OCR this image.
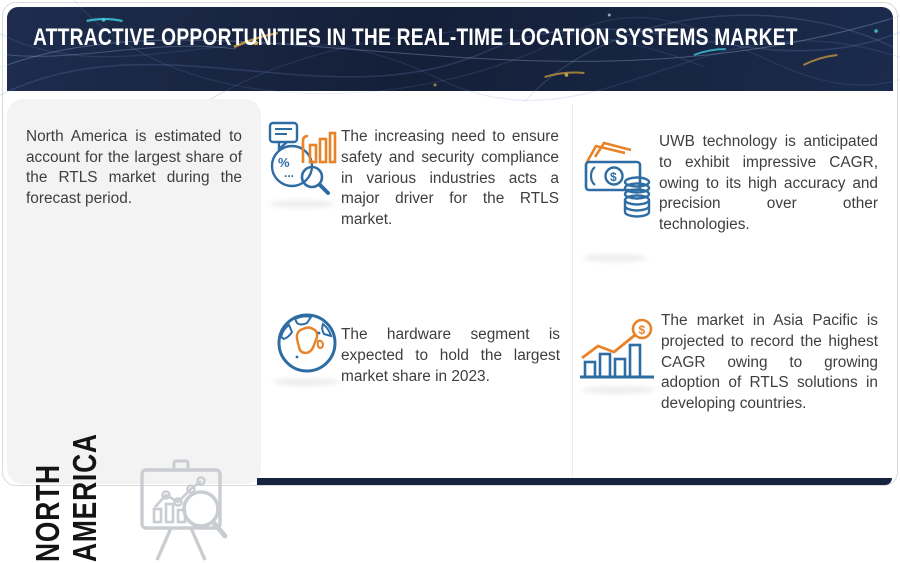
ATTRACTIVE OPPORTUNITIES IN THE REAL-TIME LOCATION SYSTEMS MARKET

North America is estimated to account for the largest share of the RTLS market during the forecast period.

NORTH AMERICA
%
...

The increasing need to ensure safety and security compliance in various industries acts a major driver for the RTLS market.

$

UWB technology is anticipated to exhibit impressive CAGR, owing to its high accuracy and precision over other technologies.

The hardware segment is expected to hold the largest market share in 2023.

$

The market in Asia Pacific is projected to record the highest CAGR owing to growing adoption of RTLS solutions in developing countries.
